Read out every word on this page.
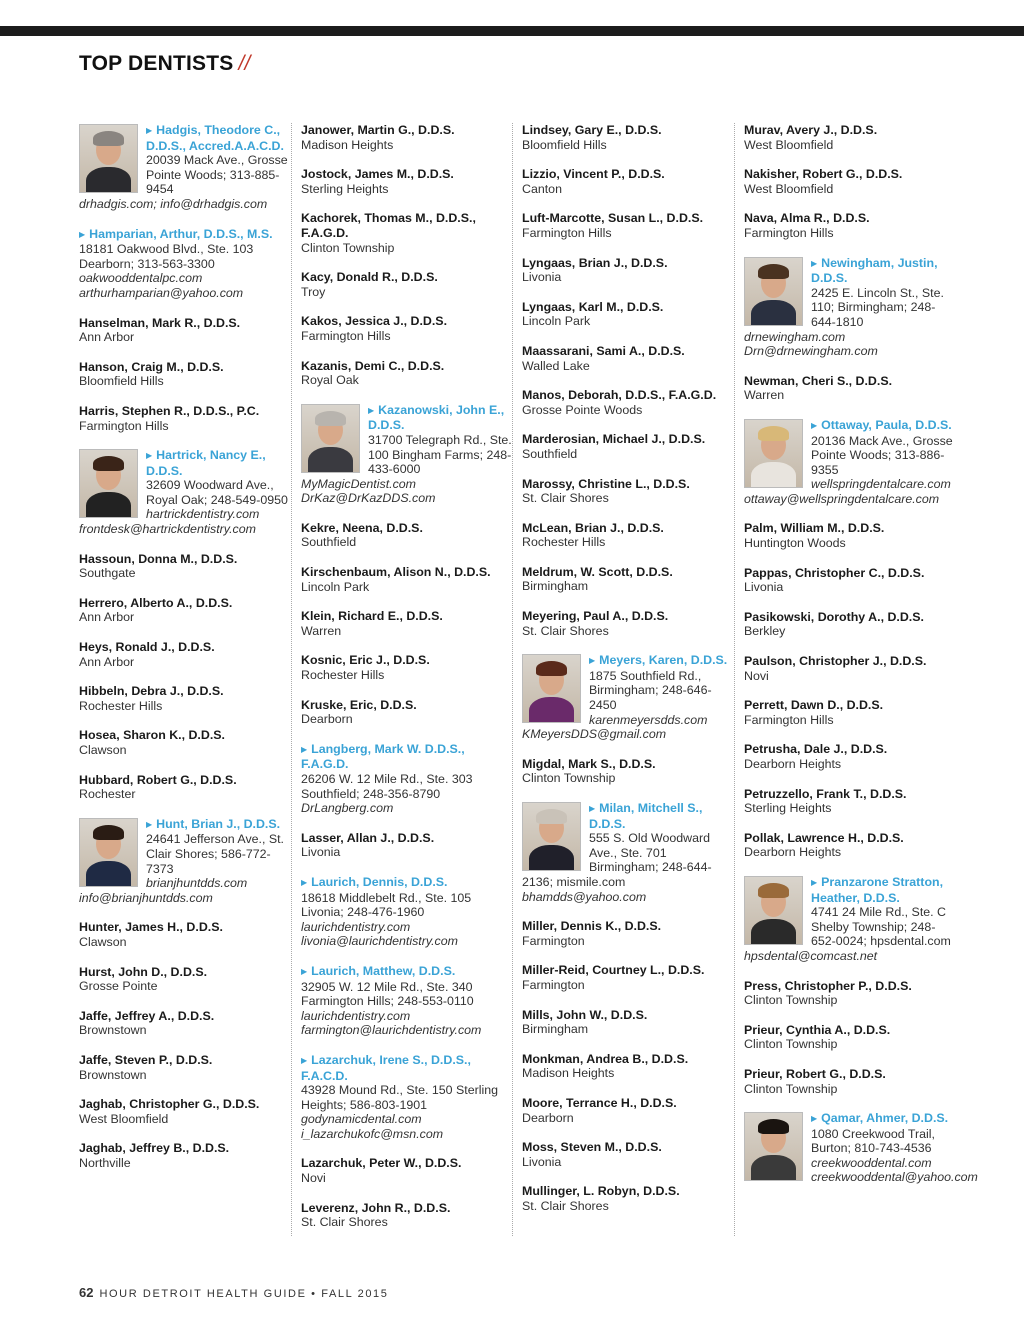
TOP DENTISTS //
▶ Hadgis, Theodore C., D.D.S., Accred.A.A.C.D.
20039 Mack Ave., Grosse Pointe Woods; 313-885-9454
drhadgis.com; info@drhadgis.com
▶ Hamparian, Arthur, D.D.S., M.S.
18181 Oakwood Blvd., Ste. 103 Dearborn; 313-563-3300
oakwooddentalpc.com
arthurhamparian@yahoo.com
Hanselman, Mark R., D.D.S.
Ann Arbor
Hanson, Craig M., D.D.S.
Bloomfield Hills
Harris, Stephen R., D.D.S., P.C.
Farmington Hills
▶ Hartrick, Nancy E., D.D.S.
32609 Woodward Ave., Royal Oak; 248-549-0950
hartrickdentistry.com
frontdesk@hartrickdentistry.com
Hassoun, Donna M., D.D.S.
Southgate
Herrero, Alberto A., D.D.S.
Ann Arbor
Heys, Ronald J., D.D.S.
Ann Arbor
Hibbeln, Debra J., D.D.S.
Rochester Hills
Hosea, Sharon K., D.D.S.
Clawson
Hubbard, Robert G., D.D.S.
Rochester
▶ Hunt, Brian J., D.D.S.
24641 Jefferson Ave., St. Clair Shores; 586-772-7373
brianjhuntdds.com
info@brianjhuntdds.com
Hunter, James H., D.D.S.
Clawson
Hurst, John D., D.D.S.
Grosse Pointe
Jaffe, Jeffrey A., D.D.S.
Brownstown
Jaffe, Steven P., D.D.S.
Brownstown
Jaghab, Christopher G., D.D.S.
West Bloomfield
Jaghab, Jeffrey B., D.D.S.
Northville
Janower, Martin G., D.D.S.
Madison Heights
Jostock, James M., D.D.S.
Sterling Heights
Kachorek, Thomas M., D.D.S., F.A.G.D.
Clinton Township
Kacy, Donald R., D.D.S.
Troy
Kakos, Jessica J., D.D.S.
Farmington Hills
Kazanis, Demi C., D.D.S.
Royal Oak
▶ Kazanowski, John E., D.D.S.
31700 Telegraph Rd., Ste. 100 Bingham Farms; 248-433-6000
MyMagicDentist.com
DrKaz@DrKazDDS.com
Kekre, Neena, D.D.S.
Southfield
Kirschenbaum, Alison N., D.D.S.
Lincoln Park
Klein, Richard E., D.D.S.
Warren
Kosnic, Eric J., D.D.S.
Rochester Hills
Kruske, Eric, D.D.S.
Dearborn
▶ Langberg, Mark W. D.D.S., F.A.G.D.
26206 W. 12 Mile Rd., Ste. 303 Southfield; 248-356-8790
DrLangberg.com
Lasser, Allan J., D.D.S.
Livonia
▶ Laurich, Dennis, D.D.S.
18618 Middlebelt Rd., Ste. 105 Livonia; 248-476-1960
laurichdentistry.com
livonia@laurichdentistry.com
▶ Laurich, Matthew, D.D.S.
32905 W. 12 Mile Rd., Ste. 340 Farmington Hills; 248-553-0110
laurichdentistry.com
farmington@laurichdentistry.com
▶ Lazarchuk, Irene S., D.D.S., F.A.C.D.
43928 Mound Rd., Ste. 150 Sterling Heights; 586-803-1901
godynamicdental.com
i_lazarchukofc@msn.com
Lazarchuk, Peter W., D.D.S.
Novi
Leverenz, John R., D.D.S.
St. Clair Shores
Lindsey, Gary E., D.D.S.
Bloomfield Hills
Lizzio, Vincent P., D.D.S.
Canton
Luft-Marcotte, Susan L., D.D.S.
Farmington Hills
Lyngaas, Brian J., D.D.S.
Livonia
Lyngaas, Karl M., D.D.S.
Lincoln Park
Maassarani, Sami A., D.D.S.
Walled Lake
Manos, Deborah, D.D.S., F.A.G.D.
Grosse Pointe Woods
Marderosian, Michael J., D.D.S.
Southfield
Marossy, Christine L., D.D.S.
St. Clair Shores
McLean, Brian J., D.D.S.
Rochester Hills
Meldrum, W. Scott, D.D.S.
Birmingham
Meyering, Paul A., D.D.S.
St. Clair Shores
▶ Meyers, Karen, D.D.S.
1875 Southfield Rd., Birmingham; 248-646-2450
karenmeyersdds.com
KMeyersDDS@gmail.com
Migdal, Mark S., D.D.S.
Clinton Township
▶ Milan, Mitchell S., D.D.S.
555 S. Old Woodward Ave., Ste. 701 Birmingham; 248-644-2136; mismile.com
bhamdds@yahoo.com
Miller, Dennis K., D.D.S.
Farmington
Miller-Reid, Courtney L., D.D.S.
Farmington
Mills, John W., D.D.S.
Birmingham
Monkman, Andrea B., D.D.S.
Madison Heights
Moore, Terrance H., D.D.S.
Dearborn
Moss, Steven M., D.D.S.
Livonia
Mullinger, L. Robyn, D.D.S.
St. Clair Shores
Murav, Avery J., D.D.S.
West Bloomfield
Nakisher, Robert G., D.D.S.
West Bloomfield
Nava, Alma R., D.D.S.
Farmington Hills
▶ Newingham, Justin, D.D.S.
2425 E. Lincoln St., Ste. 110; Birmingham; 248-644-1810
drnewingham.com
Drn@drnewingham.com
Newman, Cheri S., D.D.S.
Warren
▶ Ottaway, Paula, D.D.S.
20136 Mack Ave., Grosse Pointe Woods; 313-886-9355
wellspringdentalcare.com
ottaway@wellspringdentalcare.com
Palm, William M., D.D.S.
Huntington Woods
Pappas, Christopher C., D.D.S.
Livonia
Pasikowski, Dorothy A., D.D.S.
Berkley
Paulson, Christopher J., D.D.S.
Novi
Perrett, Dawn D., D.D.S.
Farmington Hills
Petrusha, Dale J., D.D.S.
Dearborn Heights
Petruzzello, Frank T., D.D.S.
Sterling Heights
Pollak, Lawrence H., D.D.S.
Dearborn Heights
▶ Pranzarone Stratton, Heather, D.D.S.
4741 24 Mile Rd., Ste. C Shelby Township; 248-652-0024; hpsdental.com
hpsdental@comcast.net
Press, Christopher P., D.D.S.
Clinton Township
Prieur, Cynthia A., D.D.S.
Clinton Township
Prieur, Robert G., D.D.S.
Clinton Township
▶ Qamar, Ahmer, D.D.S.
1080 Creekwood Trail, Burton; 810-743-4536
creekwooddental.com
creekwooddental@yahoo.com
62 HOUR DETROIT HEALTH GUIDE • FALL 2015
